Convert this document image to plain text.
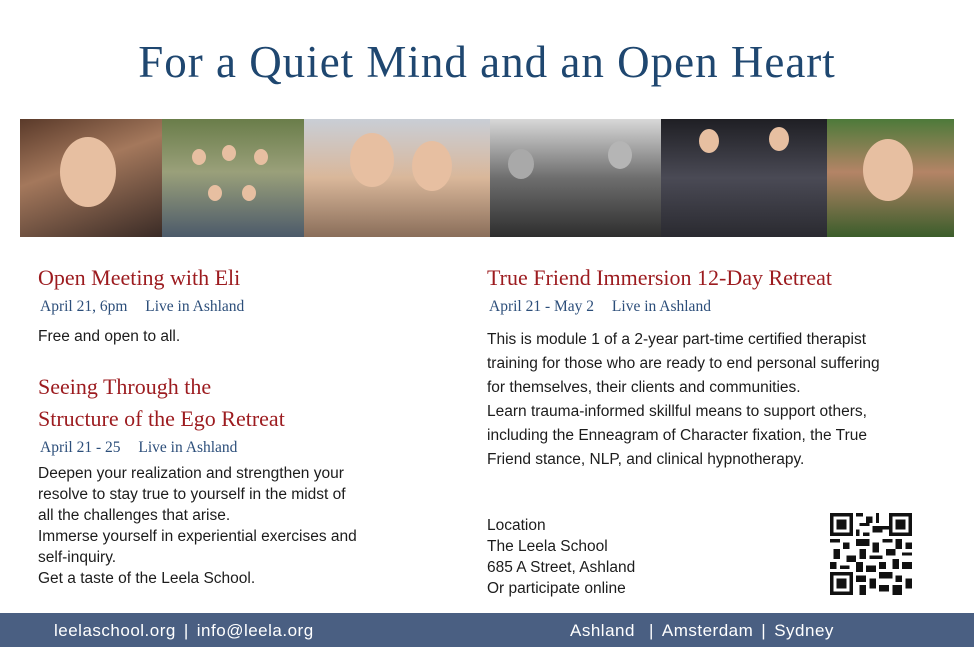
For a Quiet Mind and an Open Heart

Open Meeting with Eli

April 21, 6pm Live in Ashland
Free and open to all.

Seeing Through the
Structure of the Ego Retreat

April 21 - 25 Live in Ashland
Deepen your realization and strengthen your
resolve to stay true to yourself in the midst of
all the challenges that arise.
Immerse yourself in experiential exercises and
self-inquiry.
Get a taste of the Leela School.

True Friend Immersion 12-Day Retreat

April 21 - May 2 Live in Ashland
This is module 1 of a 2-year part-time certified therapist
training for those who are ready to end personal suffering
for themselves, their clients and communities.
Learn trauma-informed skillful means to support others,
including the Enneagram of Character fixation, the True
Friend stance, NLP, and clinical hypnotherapy.
Location
The Leela School
685 A Street, Ashland
Or participate online
leelaschool.org | info@leela.org	Ashland | Amsterdam | Sydney
